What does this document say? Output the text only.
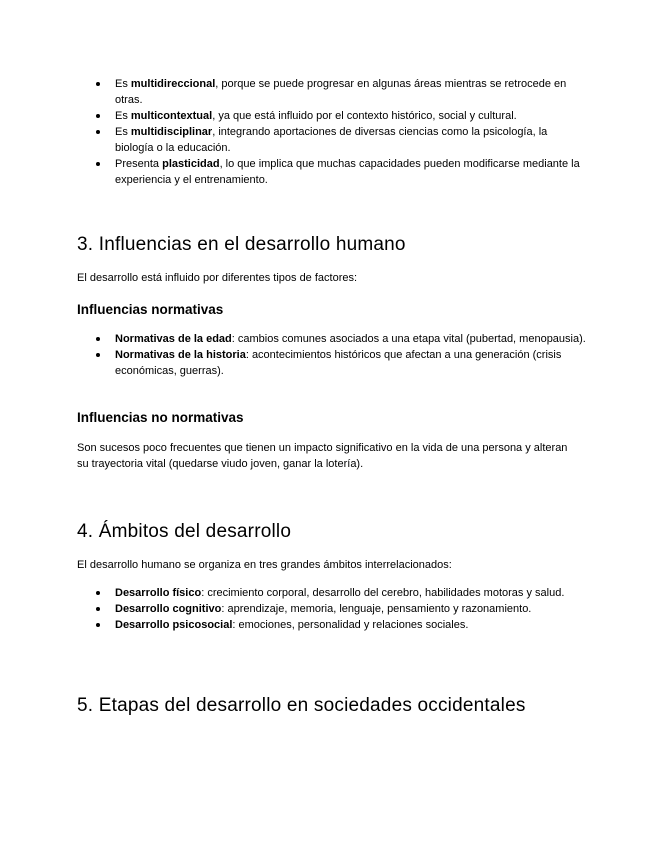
Es multidireccional, porque se puede progresar en algunas áreas mientras se retrocede en otras.
Es multicontextual, ya que está influido por el contexto histórico, social y cultural.
Es multidisciplinar, integrando aportaciones de diversas ciencias como la psicología, la biología o la educación.
Presenta plasticidad, lo que implica que muchas capacidades pueden modificarse mediante la experiencia y el entrenamiento.
3. Influencias en el desarrollo humano

El desarrollo está influido por diferentes tipos de factores:

Influencias normativas
Normativas de la edad: cambios comunes asociados a una etapa vital (pubertad, menopausia).
Normativas de la historia: acontecimientos históricos que afectan a una generación (crisis económicas, guerras).
Influencias no normativas

Son sucesos poco frecuentes que tienen un impacto significativo en la vida de una persona y alteran su trayectoria vital (quedarse viudo joven, ganar la lotería).

4. Ámbitos del desarrollo

El desarrollo humano se organiza en tres grandes ámbitos interrelacionados:

Desarrollo físico: crecimiento corporal, desarrollo del cerebro, habilidades motoras y salud.
Desarrollo cognitivo: aprendizaje, memoria, lenguaje, pensamiento y razonamiento.
Desarrollo psicosocial: emociones, personalidad y relaciones sociales.
5. Etapas del desarrollo en sociedades occidentales
